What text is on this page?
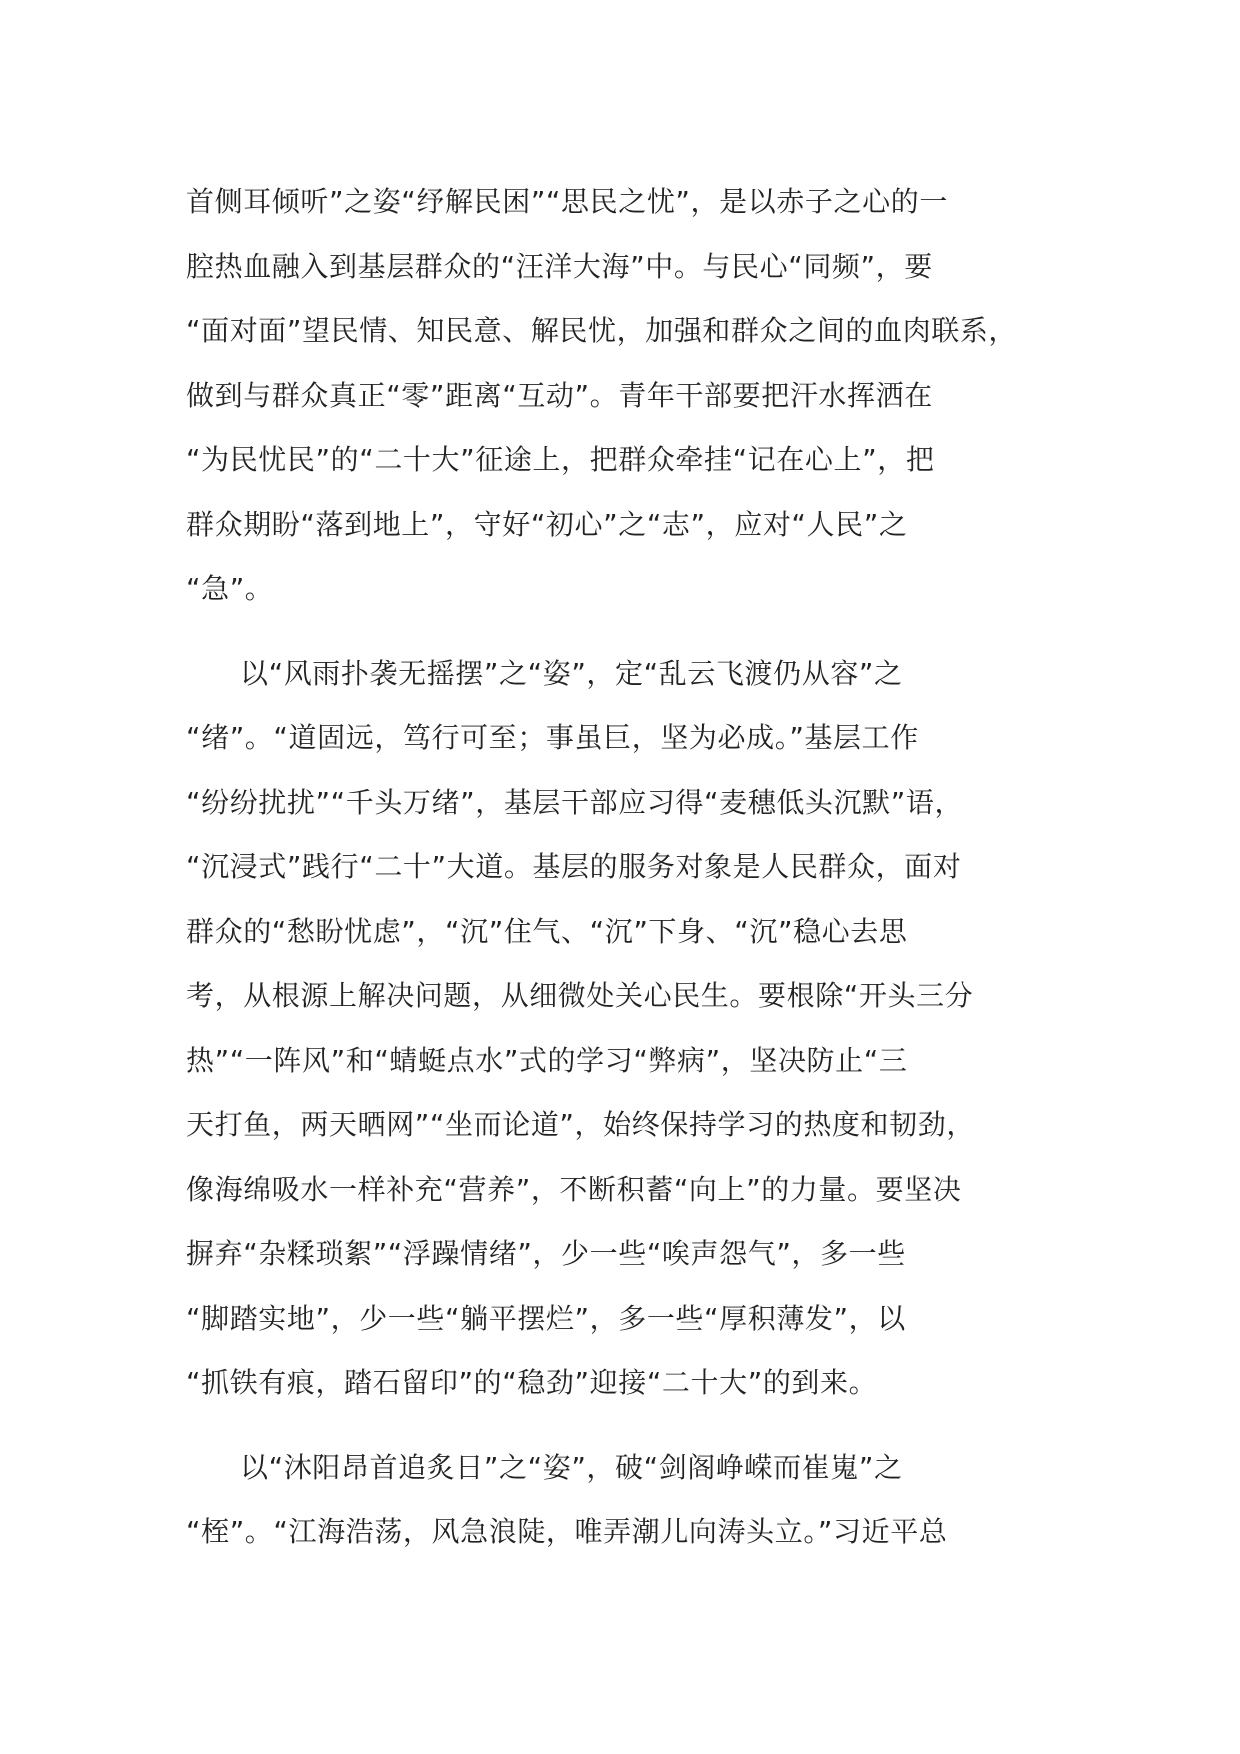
首侧耳倾听”之姿“纾解民困”“思民之忧”，是以赤子之心的一
腔热血融入到基层群众的“汪洋大海”中。与民心“同频”，要
“面对面”望民情、知民意、解民忧，加强和群众之间的血肉联系，
做到与群众真正“零”距离“互动”。青年干部要把汗水挥洒在
“为民忧民”的“二十大”征途上，把群众牵挂“记在心上”，把
群众期盼“落到地上”，守好“初心”之“志”，应对“人民”之
“急”。
以“风雨扑袭无摇摆”之“姿”，定“乱云飞渡仍从容”之
“绪”。“道固远，笃行可至；事虽巨，坚为必成。”基层工作
“纷纷扰扰”“千头万绪”，基层干部应习得“麦穗低头沉默”语，
“沉浸式”践行“二十”大道。基层的服务对象是人民群众，面对
群众的“愁盼忧虑”，“沉”住气、“沉”下身、“沉”稳心去思
考，从根源上解决问题，从细微处关心民生。要根除“开头三分
热”“一阵风”和“蜻蜓点水”式的学习“弊病”，坚决防止“三
天打鱼，两天晒网”“坐而论道”，始终保持学习的热度和韧劲，
像海绵吸水一样补充“营养”，不断积蓄“向上”的力量。要坚决
摒弃“杂糅琐絮”“浮躁情绪”，少一些“唉声怨气”，多一些
“脚踏实地”，少一些“躺平摆烂”，多一些“厚积薄发”，以
“抓铁有痕，踏石留印”的“稳劲”迎接“二十大”的到来。
以“沐阳昂首追炙日”之“姿”，破“剑阁峥嵘而崔嵬”之
“桎”。“江海浩荡，风急浪陡，唯弄潮儿向涛头立。”习近平总
